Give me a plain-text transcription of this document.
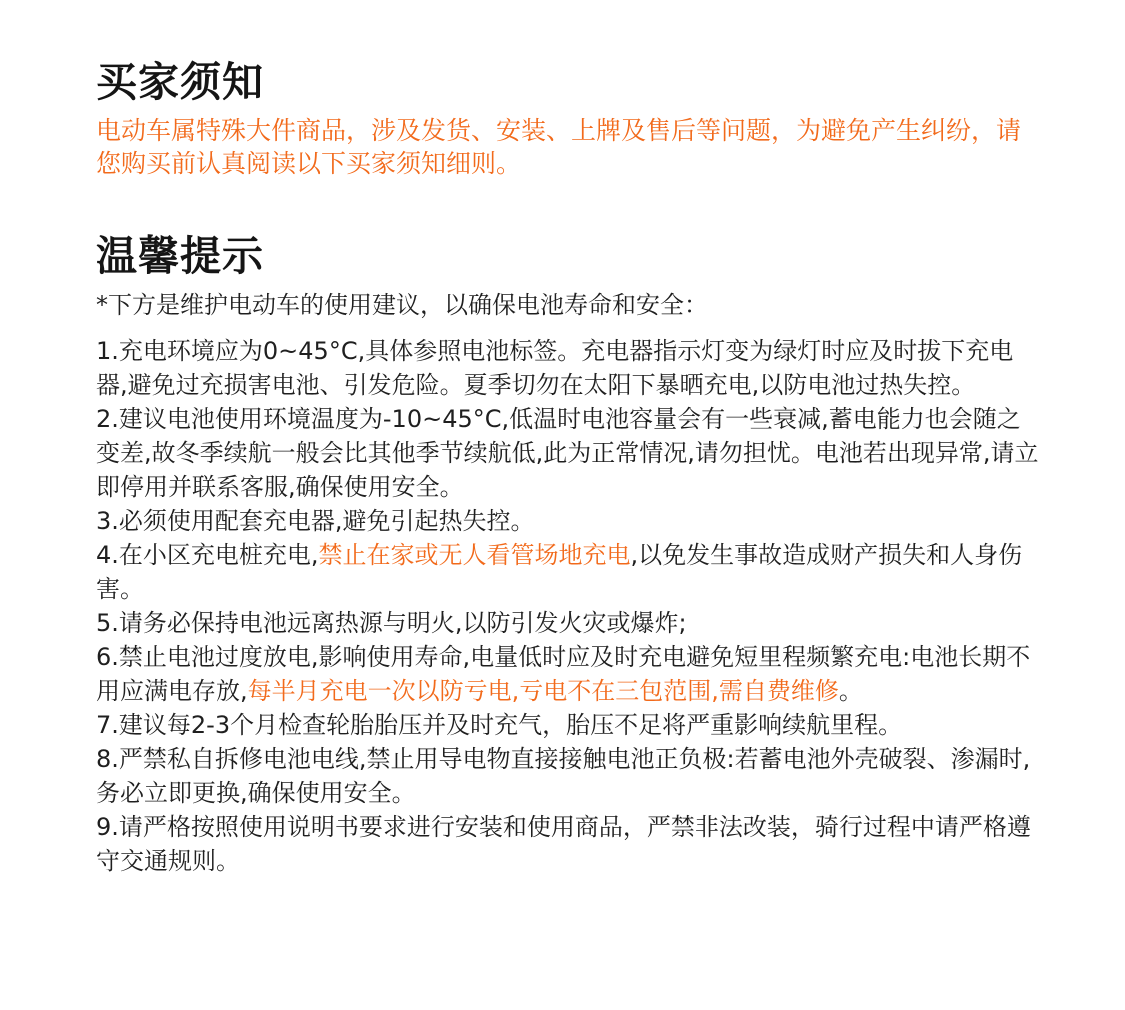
买家须知

电动车属特殊大件商品，涉及发货、安装、上牌及售后等问题，为避免产生纠纷，请您购买前认真阅读以下买家须知细则。

温馨提示

*下方是维护电动车的使用建议，以确保电池寿命和安全：

1.充电环境应为0~45°C,具体参照电池标签。充电器指示灯变为绿灯时应及时拔下充电器,避免过充损害电池、引发危险。夏季切勿在太阳下暴晒充电,以防电池过热失控。
2.建议电池使用环境温度为-10~45°C,低温时电池容量会有一些衰减,蓄电能力也会随之变差,故冬季续航一般会比其他季节续航低,此为正常情况,请勿担忧。电池若出现异常,请立即停用并联系客服,确保使用安全。
3.必须使用配套充电器,避免引起热失控。
4.在小区充电桩充电,禁止在家或无人看管场地充电,以免发生事故造成财产损失和人身伤害。
5.请务必保持电池远离热源与明火,以防引发火灾或爆炸;
6.禁止电池过度放电,影响使用寿命,电量低时应及时充电避免短里程频繁充电:电池长期不用应满电存放,每半月充电一次以防亏电,亏电不在三包范围,需自费维修。
7.建议每2-3个月检查轮胎胎压并及时充气，胎压不足将严重影响续航里程。
8.严禁私自拆修电池电线,禁止用导电物直接接触电池正负极:若蓄电池外壳破裂、渗漏时,务必立即更换,确保使用安全。
9.请严格按照使用说明书要求进行安装和使用商品，严禁非法改装，骑行过程中请严格遵守交通规则。
